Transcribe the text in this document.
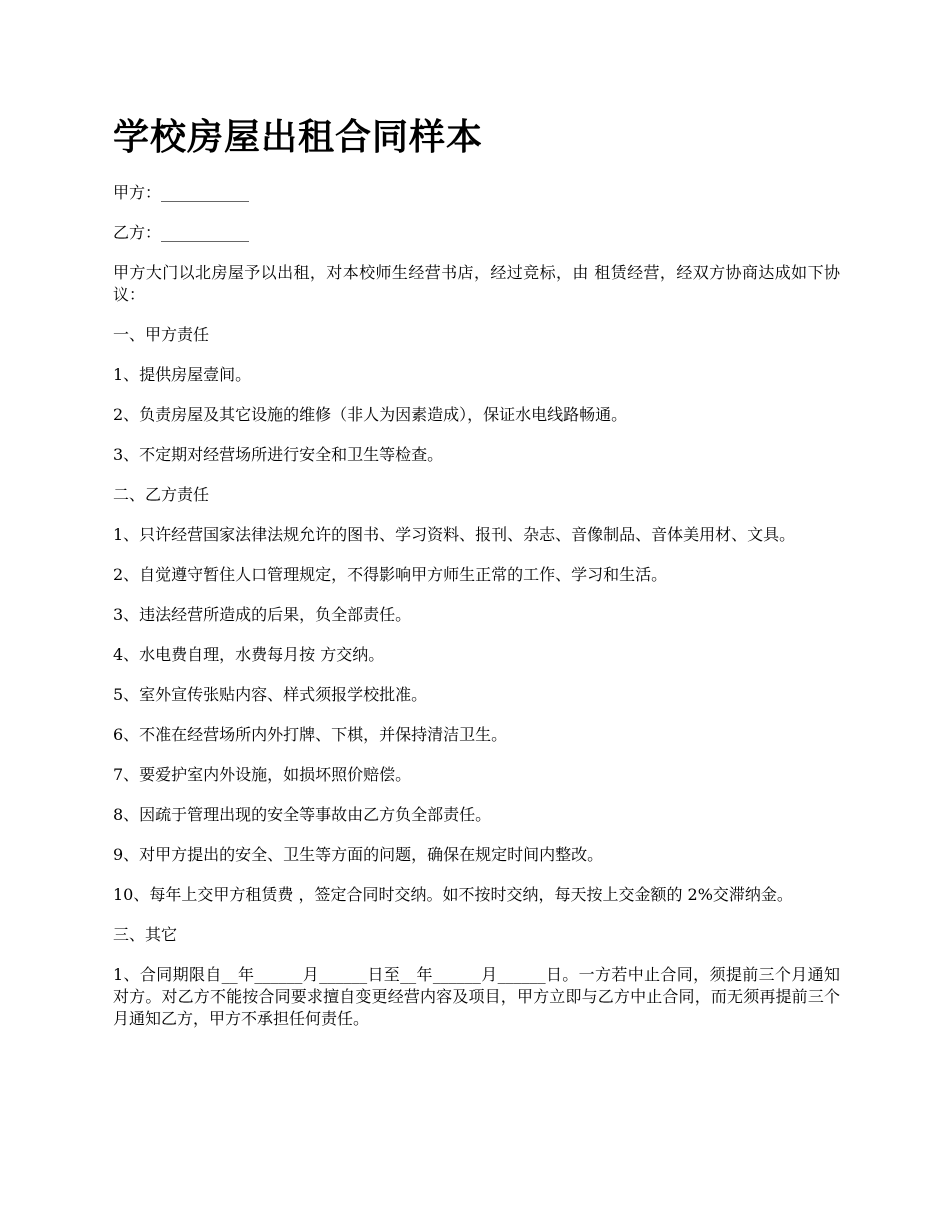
学校房屋出租合同样本

甲方：___________

乙方：___________

甲方大门以北房屋予以出租，对本校师生经营书店，经过竞标，由 租赁经营，经双方协商达成如下协议：

一、甲方责任

1、提供房屋壹间。

2、负责房屋及其它设施的维修（非人为因素造成），保证水电线路畅通。

3、不定期对经营场所进行安全和卫生等检查。

二、乙方责任

1、只许经营国家法律法规允许的图书、学习资料、报刊、杂志、音像制品、音体美用材、文具。

2、自觉遵守暂住人口管理规定，不得影响甲方师生正常的工作、学习和生活。

3、违法经营所造成的后果，负全部责任。

4、水电费自理，水费每月按 方交纳。

5、室外宣传张贴内容、样式须报学校批准。

6、不准在经营场所内外打牌、下棋，并保持清洁卫生。

7、要爱护室内外设施，如损坏照价赔偿。

8、因疏于管理出现的安全等事故由乙方负全部责任。

9、对甲方提出的安全、卫生等方面的问题，确保在规定时间内整改。

10、每年上交甲方租赁费 ，签定合同时交纳。如不按时交纳，每天按上交金额的 2%交滞纳金。

三、其它

1、合同期限自__年______月______日至__年______月______日。一方若中止合同，须提前三个月通知对方。对乙方不能按合同要求擅自变更经营内容及项目，甲方立即与乙方中止合同，而无须再提前三个月通知乙方，甲方不承担任何责任。
